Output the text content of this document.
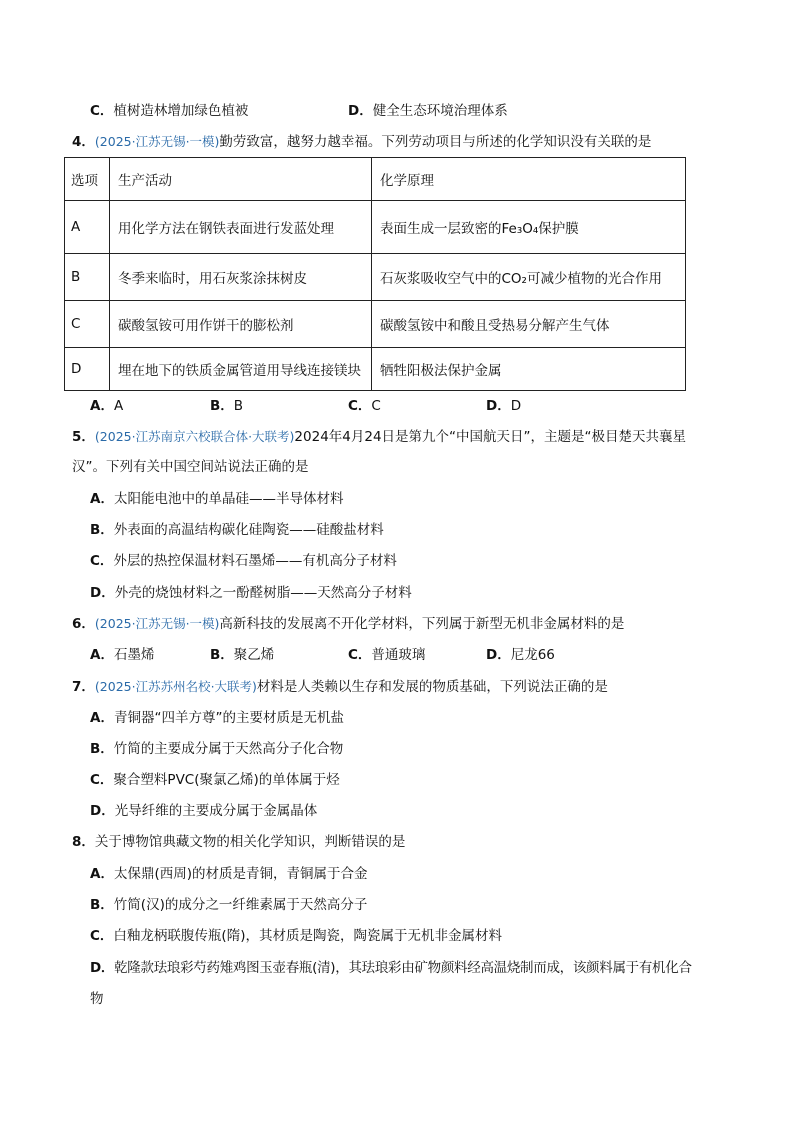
C．植树造林增加绿色植被	D．健全生态环境治理体系
4．(2025·江苏无锡·一模)勤劳致富，越努力越幸福。下列劳动项目与所述的化学知识没有关联的是
选项	生产活动	化学原理
A	用化学方法在钢铁表面进行发蓝处理	表面生成一层致密的Fe₃O₄保护膜
B	冬季来临时，用石灰浆涂抹树皮	石灰浆吸收空气中的CO₂可减少植物的光合作用
C	碳酸氢铵可用作饼干的膨松剂	碳酸氢铵中和酸且受热易分解产生气体
D	埋在地下的铁质金属管道用导线连接镁块	牺牲阳极法保护金属
A．A	B．B	C．C	D．D
5．(2025·江苏南京六校联合体·大联考)2024年4月24日是第九个“中国航天日”，主题是“极目楚天共襄星
汉”。下列有关中国空间站说法正确的是
A．太阳能电池中的单晶硅——半导体材料
B．外表面的高温结构碳化硅陶瓷——硅酸盐材料
C．外层的热控保温材料石墨烯——有机高分子材料
D．外壳的烧蚀材料之一酚醛树脂——天然高分子材料
6．(2025·江苏无锡·一模)高新科技的发展离不开化学材料，下列属于新型无机非金属材料的是
A．石墨烯	B．聚乙烯	C．普通玻璃	D．尼龙66
7．(2025·江苏苏州名校·大联考)材料是人类赖以生存和发展的物质基础，下列说法正确的是
A．青铜器“四羊方尊”的主要材质是无机盐
B．竹简的主要成分属于天然高分子化合物
C．聚合塑料PVC(聚氯乙烯)的单体属于烃
D．光导纤维的主要成分属于金属晶体
8．关于博物馆典藏文物的相关化学知识，判断错误的是
A．太保鼎(西周)的材质是青铜，青铜属于合金
B．竹简(汉)的成分之一纤维素属于天然高分子
C．白釉龙柄联腹传瓶(隋)，其材质是陶瓷，陶瓷属于无机非金属材料
D．乾隆款珐琅彩芍药雉鸡图玉壶春瓶(清)，其珐琅彩由矿物颜料经高温烧制而成，该颜料属于有机化合
物
